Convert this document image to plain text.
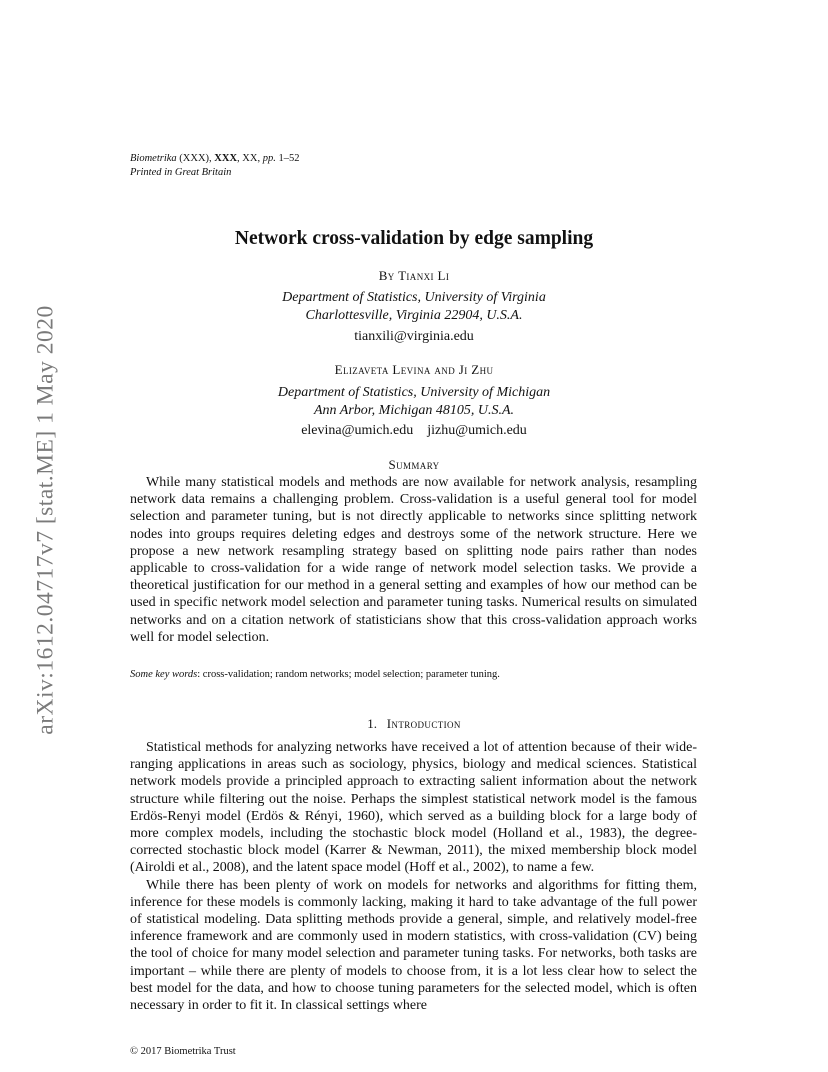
arXiv:1612.04717v7 [stat.ME] 1 May 2020
Biometrika (XXX), XXX, XX, pp. 1–52
Printed in Great Britain
Network cross-validation by edge sampling
By Tianxi Li
Department of Statistics, University of Virginia
Charlottesville, Virginia 22904, U.S.A.
tianxili@virginia.edu
Elizaveta Levina and Ji Zhu
Department of Statistics, University of Michigan
Ann Arbor, Michigan 48105, U.S.A.
elevina@umich.edu jizhu@umich.edu
Summary

While many statistical models and methods are now available for network analysis, resampling network data remains a challenging problem. Cross-validation is a useful general tool for model selection and parameter tuning, but is not directly applicable to networks since splitting network nodes into groups requires deleting edges and destroys some of the network structure. Here we propose a new network resampling strategy based on splitting node pairs rather than nodes applicable to cross-validation for a wide range of network model selection tasks. We provide a theoretical justification for our method in a general setting and examples of how our method can be used in specific network model selection and parameter tuning tasks. Numerical results on simulated networks and on a citation network of statisticians show that this cross-validation approach works well for model selection.

Some key words: cross-validation; random networks; model selection; parameter tuning.
1. Introduction

Statistical methods for analyzing networks have received a lot of attention because of their wide-ranging applications in areas such as sociology, physics, biology and medical sciences. Statistical network models provide a principled approach to extracting salient information about the network structure while filtering out the noise. Perhaps the simplest statistical network model is the famous Erdös-Renyi model (Erdös & Rényi, 1960), which served as a building block for a large body of more complex models, including the stochastic block model (Holland et al., 1983), the degree-corrected stochastic block model (Karrer & Newman, 2011), the mixed membership block model (Airoldi et al., 2008), and the latent space model (Hoff et al., 2002), to name a few.

While there has been plenty of work on models for networks and algorithms for fitting them, inference for these models is commonly lacking, making it hard to take advantage of the full power of statistical modeling. Data splitting methods provide a general, simple, and relatively model-free inference framework and are commonly used in modern statistics, with cross-validation (CV) being the tool of choice for many model selection and parameter tuning tasks. For networks, both tasks are important – while there are plenty of models to choose from, it is a lot less clear how to select the best model for the data, and how to choose tuning parameters for the selected model, which is often necessary in order to fit it. In classical settings where

© 2017 Biometrika Trust
